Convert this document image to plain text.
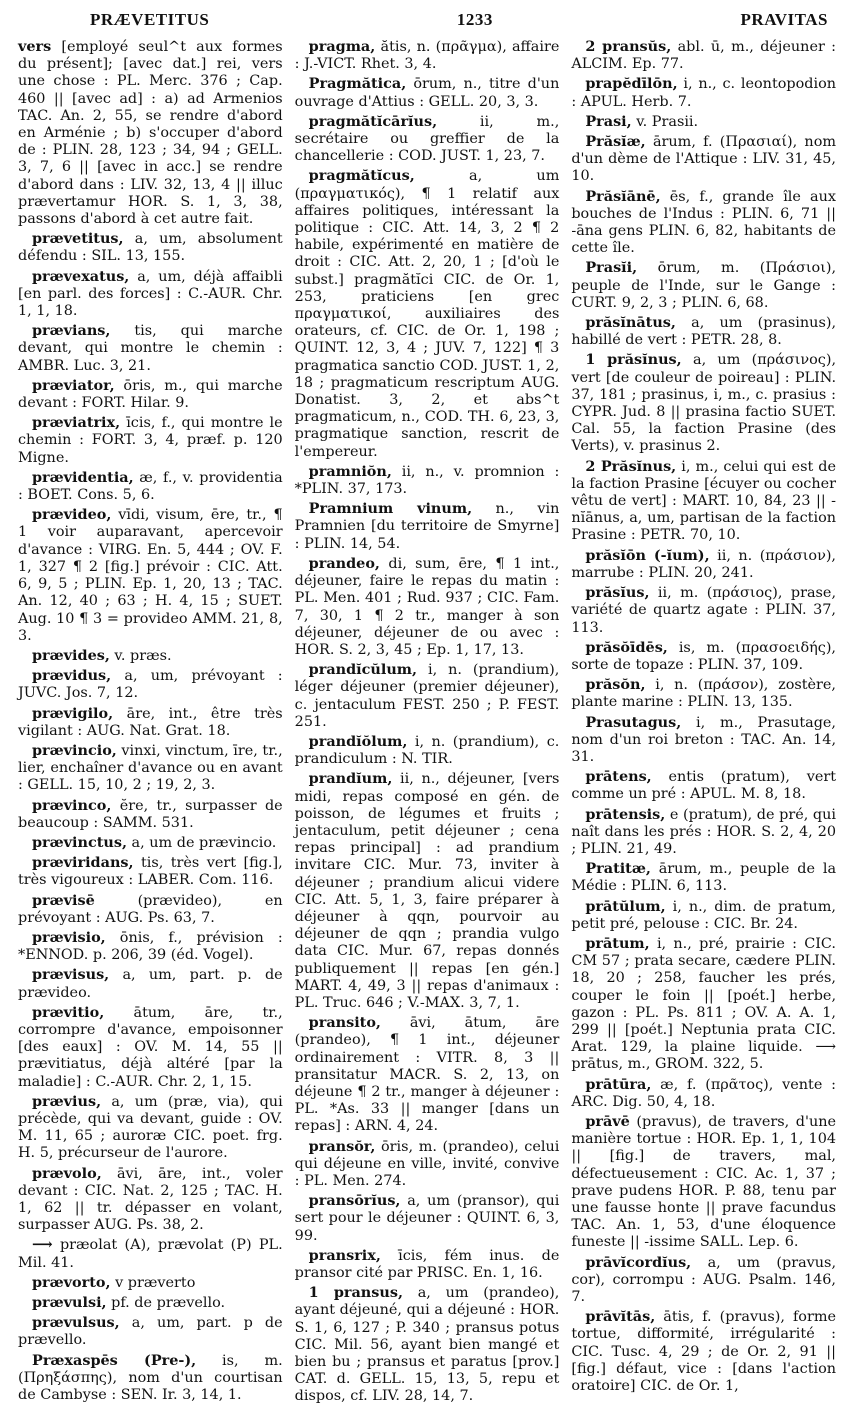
PRÆVETITUS	1233	PRAVITAS

vers [employé seul^t aux formes du présent]; [avec dat.] rei, vers une chose : PL. Merc. 376 ; Cap. 460 || [avec ad] : a) ad Armenios TAC. An. 2, 55, se rendre d'abord en Arménie ; b) s'occuper d'abord de : PLIN. 28, 123 ; 34, 94 ; GELL. 3, 7, 6 || [avec in acc.] se rendre d'abord dans : LIV. 32, 13, 4 || illuc prævertamur HOR. S. 1, 3, 38, passons d'abord à cet autre fait.

prævetitus, a, um, absolument défendu : SIL. 13, 155.

prævexatus, a, um, déjà affaibli [en parl. des forces] : C.-AUR. Chr. 1, 1, 18.

prævians, tis, qui marche devant, qui montre le chemin : AMBR. Luc. 3, 21.

præviator, ōris, m., qui marche devant : FORT. Hilar. 9.

præviatrix, īcis, f., qui montre le chemin : FORT. 3, 4, præf. p. 120 Migne.

prævidentia, æ, f., v. providentia : BOET. Cons. 5, 6.

prævideo, vīdi, visum, ēre, tr., ¶ 1 voir auparavant, apercevoir d'avance : VIRG. En. 5, 444 ; OV. F. 1, 327 ¶ 2 [fig.] prévoir : CIC. Att. 6, 9, 5 ; PLIN. Ep. 1, 20, 13 ; TAC. An. 12, 40 ; 63 ; H. 4, 15 ; SUET. Aug. 10 ¶ 3 = provideo AMM. 21, 8, 3.

prævides, v. præs.

prævidus, a, um, prévoyant : JUVC. Jos. 7, 12.

prævigilo, āre, int., être très vigilant : AUG. Nat. Grat. 18.

prævincio, vinxi, vinctum, īre, tr., lier, enchaîner d'avance ou en avant : GELL. 15, 10, 2 ; 19, 2, 3.

prævinco, ĕre, tr., surpasser de beaucoup : SAMM. 531.

prævinctus, a, um de prævincio.

præviridans, tis, très vert [fig.], très vigoureux : LABER. Com. 116.

prævisē	(prævideo), en prévoyant : AUG. Ps. 63, 7.

prævisio, ōnis, f., prévision : *ENNOD. p. 206, 39 (éd. Vogel).

prævisus, a, um, part. p. de prævideo.

prævitio, ātum, āre, tr., corrompre d'avance, empoisonner [des eaux] : OV. M. 14, 55 || prævitiatus, déjà altéré [par la maladie] : C.-AUR. Chr. 2, 1, 15.

prævius, a, um (præ, via), qui précède, qui va devant, guide : OV. M. 11, 65 ; auroræ CIC. poet. frg. H. 5, précurseur de l'aurore.

prævolo, āvi, āre, int., voler devant : CIC. Nat. 2, 125 ; TAC. H. 1, 62 || tr. dépasser en volant, surpasser AUG. Ps. 38, 2.

⟶ præolat (A), prævolat (P) PL. Mil. 41.

prævorto, v præverto

prævulsi, pf. de prævello.

prævulsus, a, um, part. p de prævello.

Præxaspēs (Pre-), is, m. (Πρηξάσπης), nom d'un courtisan de Cambyse : SEN. Ir. 3, 14, 1.

pragma, ătis, n. (πρᾶγμα), affaire : J.-VICT. Rhet. 3, 4.

Pragmătica, ōrum, n., titre d'un ouvrage d'Attius : GELL. 20, 3, 3.

pragmătĭcārĭus,	ii, m., secrétaire ou greffier de la chancellerie : COD. JUST. 1, 23, 7.

pragmătĭcus,	a, um (πραγματικός), ¶ 1 relatif aux affaires politiques, intéressant la politique : CIC. Att. 14, 3, 2 ¶ 2 habile, expérimenté en matière de droit : CIC. Att. 2, 20, 1 ; [d'où le subst.] pragmătĭci CIC. de Or. 1, 253, praticiens [en grec πραγματικοί, auxiliaires des orateurs, cf. CIC. de Or. 1, 198 ; QUINT. 12, 3, 4 ; JUV. 7, 122] ¶ 3 pragmatica sanctio COD. JUST. 1, 2, 18 ; pragmaticum rescriptum AUG. Donatist. 3, 2, et abs^t pragmaticum, n., COD. TH. 6, 23, 3, pragmatique sanction, rescrit de l'empereur.

pramniŏn, ii, n., v. promnion : *PLIN. 37, 173.

Pramnium vinum, n., vin Pramnien [du territoire de Smyrne] : PLIN. 14, 54.

prandeo, di, sum, ēre, ¶ 1 int., déjeuner, faire le repas du matin : PL. Men. 401 ; Rud. 937 ; CIC. Fam. 7, 30, 1 ¶ 2 tr., manger à son déjeuner, déjeuner de ou avec : HOR. S. 2, 3, 45 ; Ep. 1, 17, 13.

prandĭcŭlum, i, n. (prandium), léger déjeuner (premier déjeuner), c. jentaculum FEST. 250 ; P. FEST. 251.

prandĭŏlum, i, n. (prandium), c. prandiculum : N. TIR.

prandĭum, ii, n., déjeuner, [vers midi, repas composé en gén. de poisson, de légumes et fruits ; jentaculum, petit déjeuner ; cena repas principal] : ad prandium invitare CIC. Mur. 73, inviter à déjeuner ; prandium alicui videre CIC. Att. 5, 1, 3, faire préparer à déjeuner à qqn, pourvoir au déjeuner de qqn ; prandia vulgo data CIC. Mur. 67, repas donnés publiquement || repas [en gén.] MART. 4, 49, 3 || repas d'animaux : PL. Truc. 646 ; V.-MAX. 3, 7, 1.

pransito, āvi, ātum, āre (prandeo), ¶ 1 int., déjeuner ordinairement : VITR. 8, 3 || pransitatur MACR. S. 2, 13, on déjeune ¶ 2 tr., manger à déjeuner : PL. *As. 33 || manger [dans un repas] : ARN. 4, 24.

pransŏr, ōris, m. (prandeo), celui qui déjeune en ville, invité, convive : PL. Men. 274.

pransōrĭus, a, um (pransor), qui sert pour le déjeuner : QUINT. 6, 3, 99.

pransrix, īcis, fém inus. de pransor cité par PRISC. En. 1, 16.

1 pransus, a, um (prandeo), ayant déjeuné, qui a déjeuné : HOR. S. 1, 6, 127 ; P. 340 ; pransus potus CIC. Mil. 56, ayant bien mangé et bien bu ; pransus et paratus [prov.] CAT. d. GELL. 15, 13, 5, repu et dispos, cf. LIV. 28, 14, 7.

2 pransŭs, abl. ū, m., déjeuner : ALCIM. Ep. 77.

prapĕdīlōn, i, n., c. leontopodion : APUL. Herb. 7.

Prasi, v. Prasii.

Prăsĭæ, ārum, f. (Πρασιαί), nom d'un dème de l'Attique : LIV. 31, 45, 10.

Prăsĭānē, ēs, f., grande île aux bouches de l'Indus : PLIN. 6, 71 || -āna gens PLIN. 6, 82, habitants de cette île.

Prasĭi, ōrum, m. (Πράσιοι), peuple de l'Inde, sur le Gange : CURT. 9, 2, 3 ; PLIN. 6, 68.

prăsĭnātus, a, um (prasinus), habillé de vert : PETR. 28, 8.

1 prăsĭnus, a, um (πράσινος), vert [de couleur de poireau] : PLIN. 37, 181 ; prasinus, i, m., c. prasius : CYPR. Jud. 8 || prasina factio SUET. Cal. 55, la faction Prasine (des Verts), v. prasinus 2.

2 Prăsĭnus, i, m., celui qui est de la faction Prasine [écuyer ou cocher vêtu de vert] : MART. 10, 84, 23 || -nĭānus, a, um, partisan de la faction Prasine : PETR. 70, 10.

prăsĭōn (-ĭum), ii, n. (πράσιον), marrube : PLIN. 20, 241.

prăsĭus, ii, m. (πράσιος), prase, variété de quartz agate : PLIN. 37, 113.

prăsŏīdēs, is, m. (πρασοειδής), sorte de topaze : PLIN. 37, 109.

prăsŏn, i, n. (πράσον), zostère, plante marine : PLIN. 13, 135.

Prasutagus, i, m., Prasutage, nom d'un roi breton : TAC. An. 14, 31.

prātens, entis (pratum), vert comme un pré : APUL. M. 8, 18.

prātensis, e (pratum), de pré, qui naît dans les prés : HOR. S. 2, 4, 20 ; PLIN. 21, 49.

Pratitæ, ārum, m., peuple de la Médie : PLIN. 6, 113.

prātŭlum, i, n., dim. de pratum, petit pré, pelouse : CIC. Br. 24.

prātum, i, n., pré, prairie : CIC. CM 57 ; prata secare, cædere PLIN. 18, 20 ; 258, faucher les prés, couper le foin || [poét.] herbe, gazon : PL. Ps. 811 ; OV. A. A. 1, 299 || [poét.] Neptunia prata CIC. Arat. 129, la plaine liquide. ⟶ prātus, m., GROM. 322, 5.

prātūra, æ, f. (πρᾶτος), vente : ARC. Dig. 50, 4, 18.

prāvē (pravus), de travers, d'une manière tortue : HOR. Ep. 1, 1, 104 || [fig.] de travers, mal, défectueusement : CIC. Ac. 1, 37 ; prave pudens HOR. P. 88, tenu par une fausse honte || prave facundus TAC. An. 1, 53, d'une éloquence funeste || -issime SALL. Lep. 6.

prāvĭcordĭus, a, um (pravus, cor), corrompu : AUG. Psalm. 146, 7.

prāvĭtās, ātis, f. (pravus), forme tortue, difformité, irrégularité : CIC. Tusc. 4, 29 ; de Or. 2, 91 || [fig.] défaut, vice : [dans l'action oratoire] CIC. de Or. 1,
